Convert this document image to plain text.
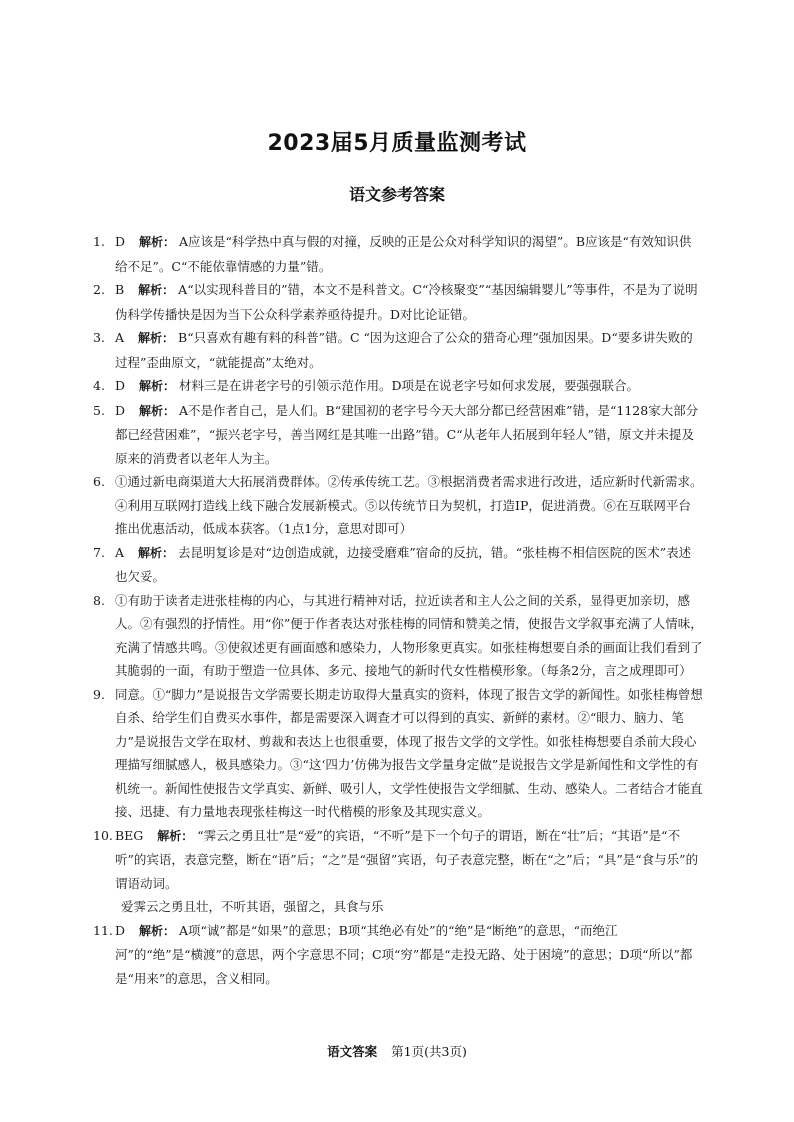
2023届5月质量监测考试
语文参考答案
1. D 解析： A应该是“科学热中真与假的对撞，反映的正是公众对科学知识的渴望”。B应该是“有效知识供给不足”。C“不能依靠情感的力量”错。
2. B 解析： A“以实现科普目的”错，本文不是科普文。C“冷核聚变”“基因编辑婴儿”等事件，不是为了说明伪科学传播快是因为当下公众科学素养亟待提升。D对比论证错。
3. A 解析： B“只喜欢有趣有料的科普”错。C “因为这迎合了公众的猎奇心理”强加因果。D“要多讲失败的过程”歪曲原文，“就能提高”太绝对。
4. D 解析： 材料三是在讲老字号的引领示范作用。D项是在说老字号如何求发展，要强强联合。
5. D 解析： A不是作者自己，是人们。B“建国初的老字号今天大部分都已经营困难”错，是“1128家大部分都已经营困难”，“振兴老字号，善当网红是其唯一出路”错。C“从老年人拓展到年轻人”错，原文并未提及原来的消费者以老年人为主。
6. ①通过新电商渠道大大拓展消费群体。②传承传统工艺。③根据消费者需求进行改进，适应新时代新需求。④利用互联网打造线上线下融合发展新模式。⑤以传统节日为契机，打造IP，促进消费。⑥在互联网平台推出优惠活动，低成本获客。（1点1分，意思对即可）
7. A 解析： 去昆明复诊是对“边创造成就，边接受磨难”宿命的反抗，错。“张桂梅不相信医院的医术”表述也欠妥。
8. ①有助于读者走进张桂梅的内心，与其进行精神对话，拉近读者和主人公之间的关系，显得更加亲切，感人。②有强烈的抒情性。用“你”便于作者表达对张桂梅的同情和赞美之情，使报告文学叙事充满了人情味，充满了情感共鸣。③使叙述更有画面感和感染力，人物形象更真实。如张桂梅想要自杀的画面让我们看到了其脆弱的一面，有助于塑造一位具体、多元、接地气的新时代女性楷模形象。（每条2分，言之成理即可）
9. 同意。①“脚力”是说报告文学需要长期走访取得大量真实的资料，体现了报告文学的新闻性。如张桂梅曾想自杀、给学生们自费买水事件，都是需要深入调查才可以得到的真实、新鲜的素材。②“眼力、脑力、笔力”是说报告文学在取材、剪裁和表达上也很重要，体现了报告文学的文学性。如张桂梅想要自杀前大段心理描写细腻感人，极具感染力。③“这‘四力’仿佛为报告文学量身定做”是说报告文学是新闻性和文学性的有机统一。新闻性使报告文学真实、新鲜、吸引人，文学性使报告文学细腻、生动、感染人。二者结合才能直接、迅捷、有力量地表现张桂梅这一时代楷模的形象及其现实意义。
10. BEG 解析： “霁云之勇且壮”是“爱”的宾语，“不听”是下一个句子的谓语，断在“壮”后；“其语”是“不听”的宾语，表意完整，断在“语”后；“之”是“强留”宾语，句子表意完整，断在“之”后；“具”是“食与乐”的谓语动词。
爱霁云之勇且壮，不听其语，强留之，具食与乐
11. D 解析： A项“诚”都是“如果”的意思；B项“其绝必有处”的“绝”是“断绝”的意思，“而绝江河”的“绝”是“横渡”的意思，两个字意思不同；C项“穷”都是“走投无路、处于困境”的意思；D项“所以”都是“用来”的意思，含义相同。
语文答案 第1页(共3页)
